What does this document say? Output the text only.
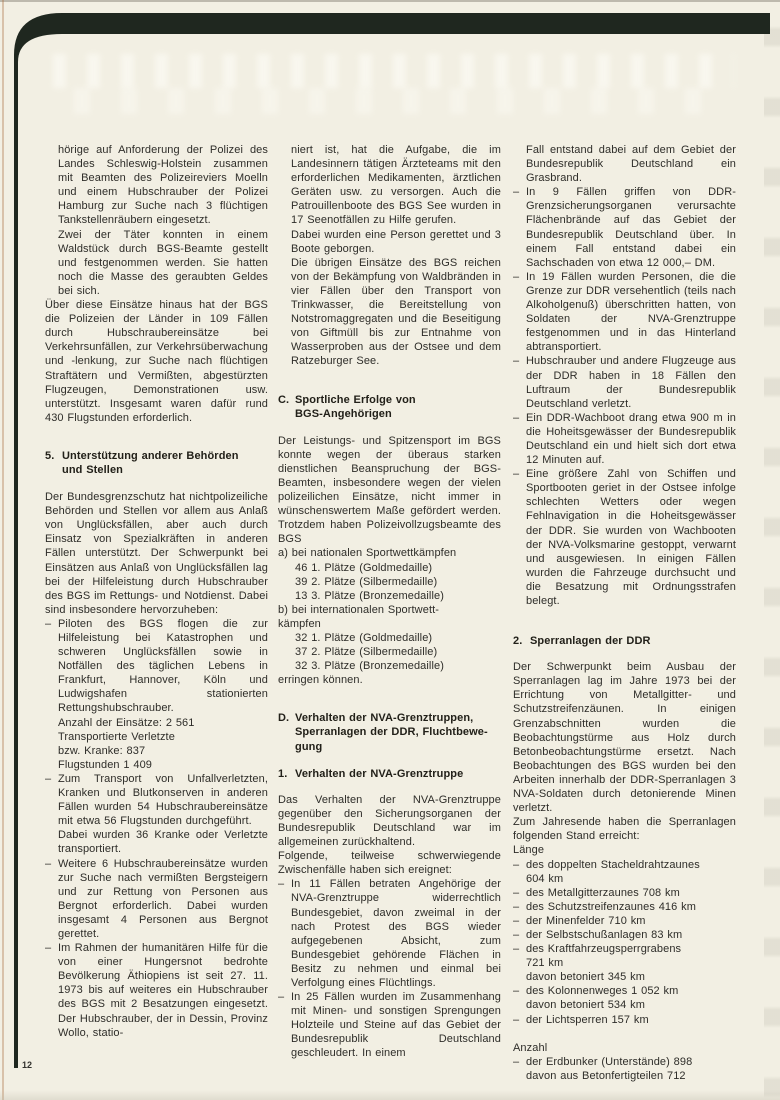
hörige auf Anforderung der Polizei des Landes Schleswig-Holstein zusammen mit Beamten des Polizeireviers Moelln und einem Hubschrauber der Polizei Hamburg zur Suche nach 3 flüchtigen Tankstellenräubern eingesetzt.
Zwei der Täter konnten in einem Waldstück durch BGS-Beamte gestellt und festgenommen werden. Sie hatten noch die Masse des geraubten Geldes bei sich.
Über diese Einsätze hinaus hat der BGS die Polizeien der Länder in 109 Fällen durch Hubschraubereinsätze bei Verkehrsunfällen, zur Verkehrsüberwachung und -lenkung, zur Suche nach flüchtigen Straftätern und Vermißten, abgestürzten Flugzeugen, Demonstrationen usw. unterstützt. Insgesamt waren dafür rund 430 Flugstunden erforderlich.
5. Unterstützung anderer Behörden
und Stellen
Der Bundesgrenzschutz hat nichtpolizeiliche Behörden und Stellen vor allem aus Anlaß von Unglücksfällen, aber auch durch Einsatz von Spezialkräften in anderen Fällen unterstützt. Der Schwerpunkt bei Einsätzen aus Anlaß von Unglücksfällen lag bei der Hilfeleistung durch Hubschrauber des BGS im Rettungs- und Notdienst. Dabei sind insbesondere hervorzuheben:
– Piloten des BGS flogen die zur Hilfeleistung bei Katastrophen und schweren Unglücksfällen sowie in Notfällen des täglichen Lebens in Frankfurt, Hannover, Köln und Ludwigshafen stationierten Rettungshubschrauber.
Anzahl der Einsätze: 2 561
Transportierte Verletzte
bzw. Kranke: 837
Flugstunden 1 409
– Zum Transport von Unfallverletzten, Kranken und Blutkonserven in anderen Fällen wurden 54 Hubschraubereinsätze mit etwa 56 Flugstunden durchgeführt.
Dabei wurden 36 Kranke oder Verletzte transportiert.
– Weitere 6 Hubschraubereinsätze wurden zur Suche nach vermißten Bergsteigern und zur Rettung von Personen aus Bergnot erforderlich. Dabei wurden insgesamt 4 Personen aus Bergnot gerettet.
– Im Rahmen der humanitären Hilfe für die von einer Hungersnot bedrohte Bevölkerung Äthiopiens ist seit 27. 11. 1973 bis auf weiteres ein Hubschrauber des BGS mit 2 Besatzungen eingesetzt. Der Hubschrauber, der in Dessin, Provinz Wollo, statio-
niert ist, hat die Aufgabe, die im Landesinnern tätigen Ärzteteams mit den erforderlichen Medikamenten, ärztlichen Geräten usw. zu versorgen. Auch die Patrouillenboote des BGS See wurden in 17 Seenotfällen zu Hilfe gerufen.
Dabei wurden eine Person gerettet und 3 Boote geborgen.
Die übrigen Einsätze des BGS reichen von der Bekämpfung von Waldbränden in vier Fällen über den Transport von Trinkwasser, die Bereitstellung von Notstromaggregaten und die Beseitigung von Giftmüll bis zur Entnahme von Wasserproben aus der Ostsee und dem Ratzeburger See.
C. Sportliche Erfolge von
BGS-Angehörigen
Der Leistungs- und Spitzensport im BGS konnte wegen der überaus starken dienstlichen Beanspruchung der BGS-Beamten, insbesondere wegen der vielen polizeilichen Einsätze, nicht immer in wünschenswertem Maße gefördert werden. Trotzdem haben Polizeivollzugsbeamte des BGS
a) bei nationalen Sportwettkämpfen
46 1. Plätze (Goldmedaille)
39 2. Plätze (Silbermedaille)
13 3. Plätze (Bronzemedaille)
b) bei internationalen Sportwett-
kämpfen
32 1. Plätze (Goldmedaille)
37 2. Plätze (Silbermedaille)
32 3. Plätze (Bronzemedaille)
erringen können.
D. Verhalten der NVA-Grenztruppen,
Sperranlagen der DDR, Fluchtbewe-
gung
1. Verhalten der NVA-Grenztruppe
Das Verhalten der NVA-Grenztruppe gegenüber den Sicherungsorganen der Bundesrepublik Deutschland war im allgemeinen zurückhaltend.
Folgende, teilweise schwerwiegende Zwischenfälle haben sich ereignet:
– In 11 Fällen betraten Angehörige der NVA-Grenztruppe widerrechtlich Bundesgebiet, davon zweimal in der nach Protest des BGS wieder aufgegebenen Absicht, zum Bundesgebiet gehörende Flächen in Besitz zu nehmen und einmal bei Verfolgung eines Flüchtlings.
– In 25 Fällen wurden im Zusammenhang mit Minen- und sonstigen Sprengungen Holzteile und Steine auf das Gebiet der Bundesrepublik Deutschland geschleudert. In einem
Fall entstand dabei auf dem Gebiet der Bundesrepublik Deutschland ein Grasbrand.
– In 9 Fällen griffen von DDR-Grenzsicherungsorganen verursachte Flächenbrände auf das Gebiet der Bundesrepublik Deutschland über. In einem Fall entstand dabei ein Sachschaden von etwa 12 000,– DM.
– In 19 Fällen wurden Personen, die die Grenze zur DDR versehentlich (teils nach Alkoholgenuß) überschritten hatten, von Soldaten der NVA-Grenztruppe festgenommen und in das Hinterland abtransportiert.
– Hubschrauber und andere Flugzeuge aus der DDR haben in 18 Fällen den Luftraum der Bundesrepublik Deutschland verletzt.
– Ein DDR-Wachboot drang etwa 900 m in die Hoheitsgewässer der Bundesrepublik Deutschland ein und hielt sich dort etwa 12 Minuten auf.
– Eine größere Zahl von Schiffen und Sportbooten geriet in der Ostsee infolge schlechten Wetters oder wegen Fehlnavigation in die Hoheitsgewässer der DDR. Sie wurden von Wachbooten der NVA-Volksmarine gestoppt, verwarnt und ausgewiesen. In einigen Fällen wurden die Fahrzeuge durchsucht und die Besatzung mit Ordnungsstrafen belegt.
2. Sperranlagen der DDR
Der Schwerpunkt beim Ausbau der Sperranlagen lag im Jahre 1973 bei der Errichtung von Metallgitter- und Schutzstreifenzäunen. In einigen Grenzabschnitten wurden die Beobachtungstürme aus Holz durch Betonbeobachtungstürme ersetzt. Nach Beobachtungen des BGS wurden bei den Arbeiten innerhalb der DDR-Sperranlagen 3 NVA-Soldaten durch detonierende Minen verletzt.
Zum Jahresende haben die Sperranlagen folgenden Stand erreicht:
Länge
– des doppelten Stacheldrahtzaunes
604 km
– des Metallgitterzaunes 708 km
– des Schutzstreifenzaunes 416 km
– der Minenfelder 710 km
– der Selbstschußanlagen 83 km
– des Kraftfahrzeugsperrgrabens
721 km
davon betoniert 345 km
– des Kolonnenweges 1 052 km
davon betoniert 534 km
– der Lichtsperren 157 km
Anzahl
– der Erdbunker (Unterstände) 898
davon aus Betonfertigteilen 712
12
